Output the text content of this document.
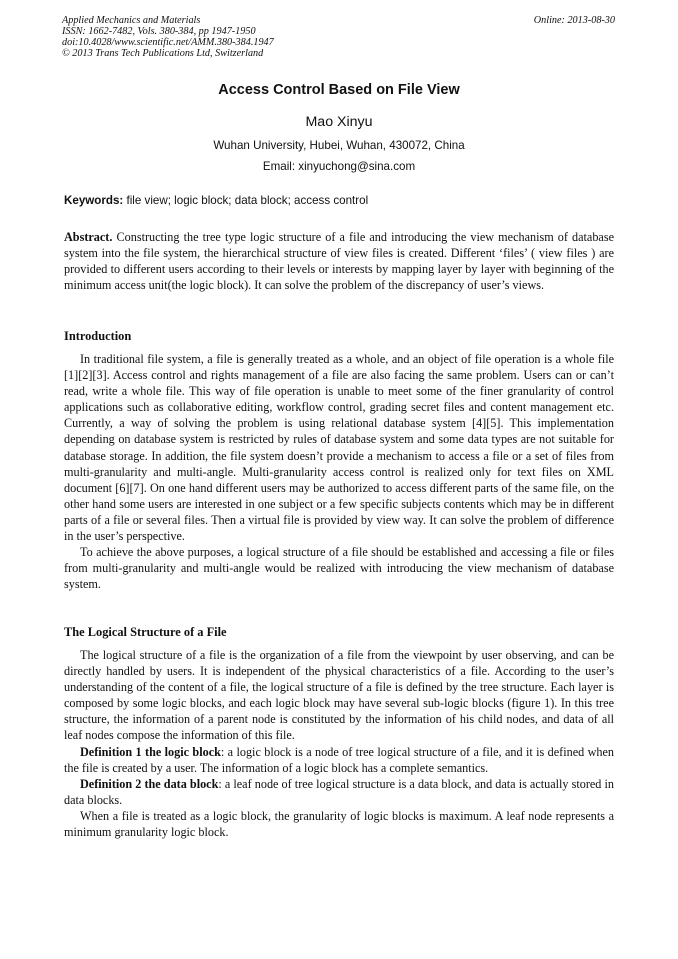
Applied Mechanics and Materials
ISSN: 1662-7482, Vols. 380-384, pp 1947-1950
doi:10.4028/www.scientific.net/AMM.380-384.1947
© 2013 Trans Tech Publications Ltd, Switzerland
Online: 2013-08-30
Access Control Based on File View
Mao Xinyu
Wuhan University, Hubei, Wuhan, 430072, China
Email: xinyuchong@sina.com
Keywords: file view; logic block; data block; access control
Abstract. Constructing the tree type logic structure of a file and introducing the view mechanism of database system into the file system, the hierarchical structure of view files is created. Different ‘files’ ( view files ) are provided to different users according to their levels or interests by mapping layer by layer with beginning of the minimum access unit(the logic block). It can solve the problem of the discrepancy of user’s views.
Introduction

In traditional file system, a file is generally treated as a whole, and an object of file operation is a whole file [1][2][3]. Access control and rights management of a file are also facing the same problem. Users can or can’t read, write a whole file. This way of file operation is unable to meet some of the finer granularity of control applications such as collaborative editing, workflow control, grading secret files and content management etc. Currently, a way of solving the problem is using relational database system [4][5]. This implementation depending on database system is restricted by rules of database system and some data types are not suitable for database storage. In addition, the file system doesn’t provide a mechanism to access a file or a set of files from multi-granularity and multi-angle. Multi-granularity access control is realized only for text files on XML document [6][7]. On one hand different users may be authorized to access different parts of the same file, on the other hand some users are interested in one subject or a few specific subjects contents which may be in different parts of a file or several files. Then a virtual file is provided by view way. It can solve the problem of difference in the user’s perspective.

To achieve the above purposes, a logical structure of a file should be established and accessing a file or files from multi-granularity and multi-angle would be realized with introducing the view mechanism of database system.

The Logical Structure of a File

The logical structure of a file is the organization of a file from the viewpoint by user observing, and can be directly handled by users. It is independent of the physical characteristics of a file. According to the user’s understanding of the content of a file, the logical structure of a file is defined by the tree structure. Each layer is composed by some logic blocks, and each logic block may have several sub-logic blocks (figure 1). In this tree structure, the information of a parent node is constituted by the information of his child nodes, and data of all leaf nodes compose the information of this file.

Definition 1 the logic block: a logic block is a node of tree logical structure of a file, and it is defined when the file is created by a user. The information of a logic block has a complete semantics.

Definition 2 the data block: a leaf node of tree logical structure is a data block, and data is actually stored in data blocks.

When a file is treated as a logic block, the granularity of logic blocks is maximum. A leaf node represents a minimum granularity logic block.
